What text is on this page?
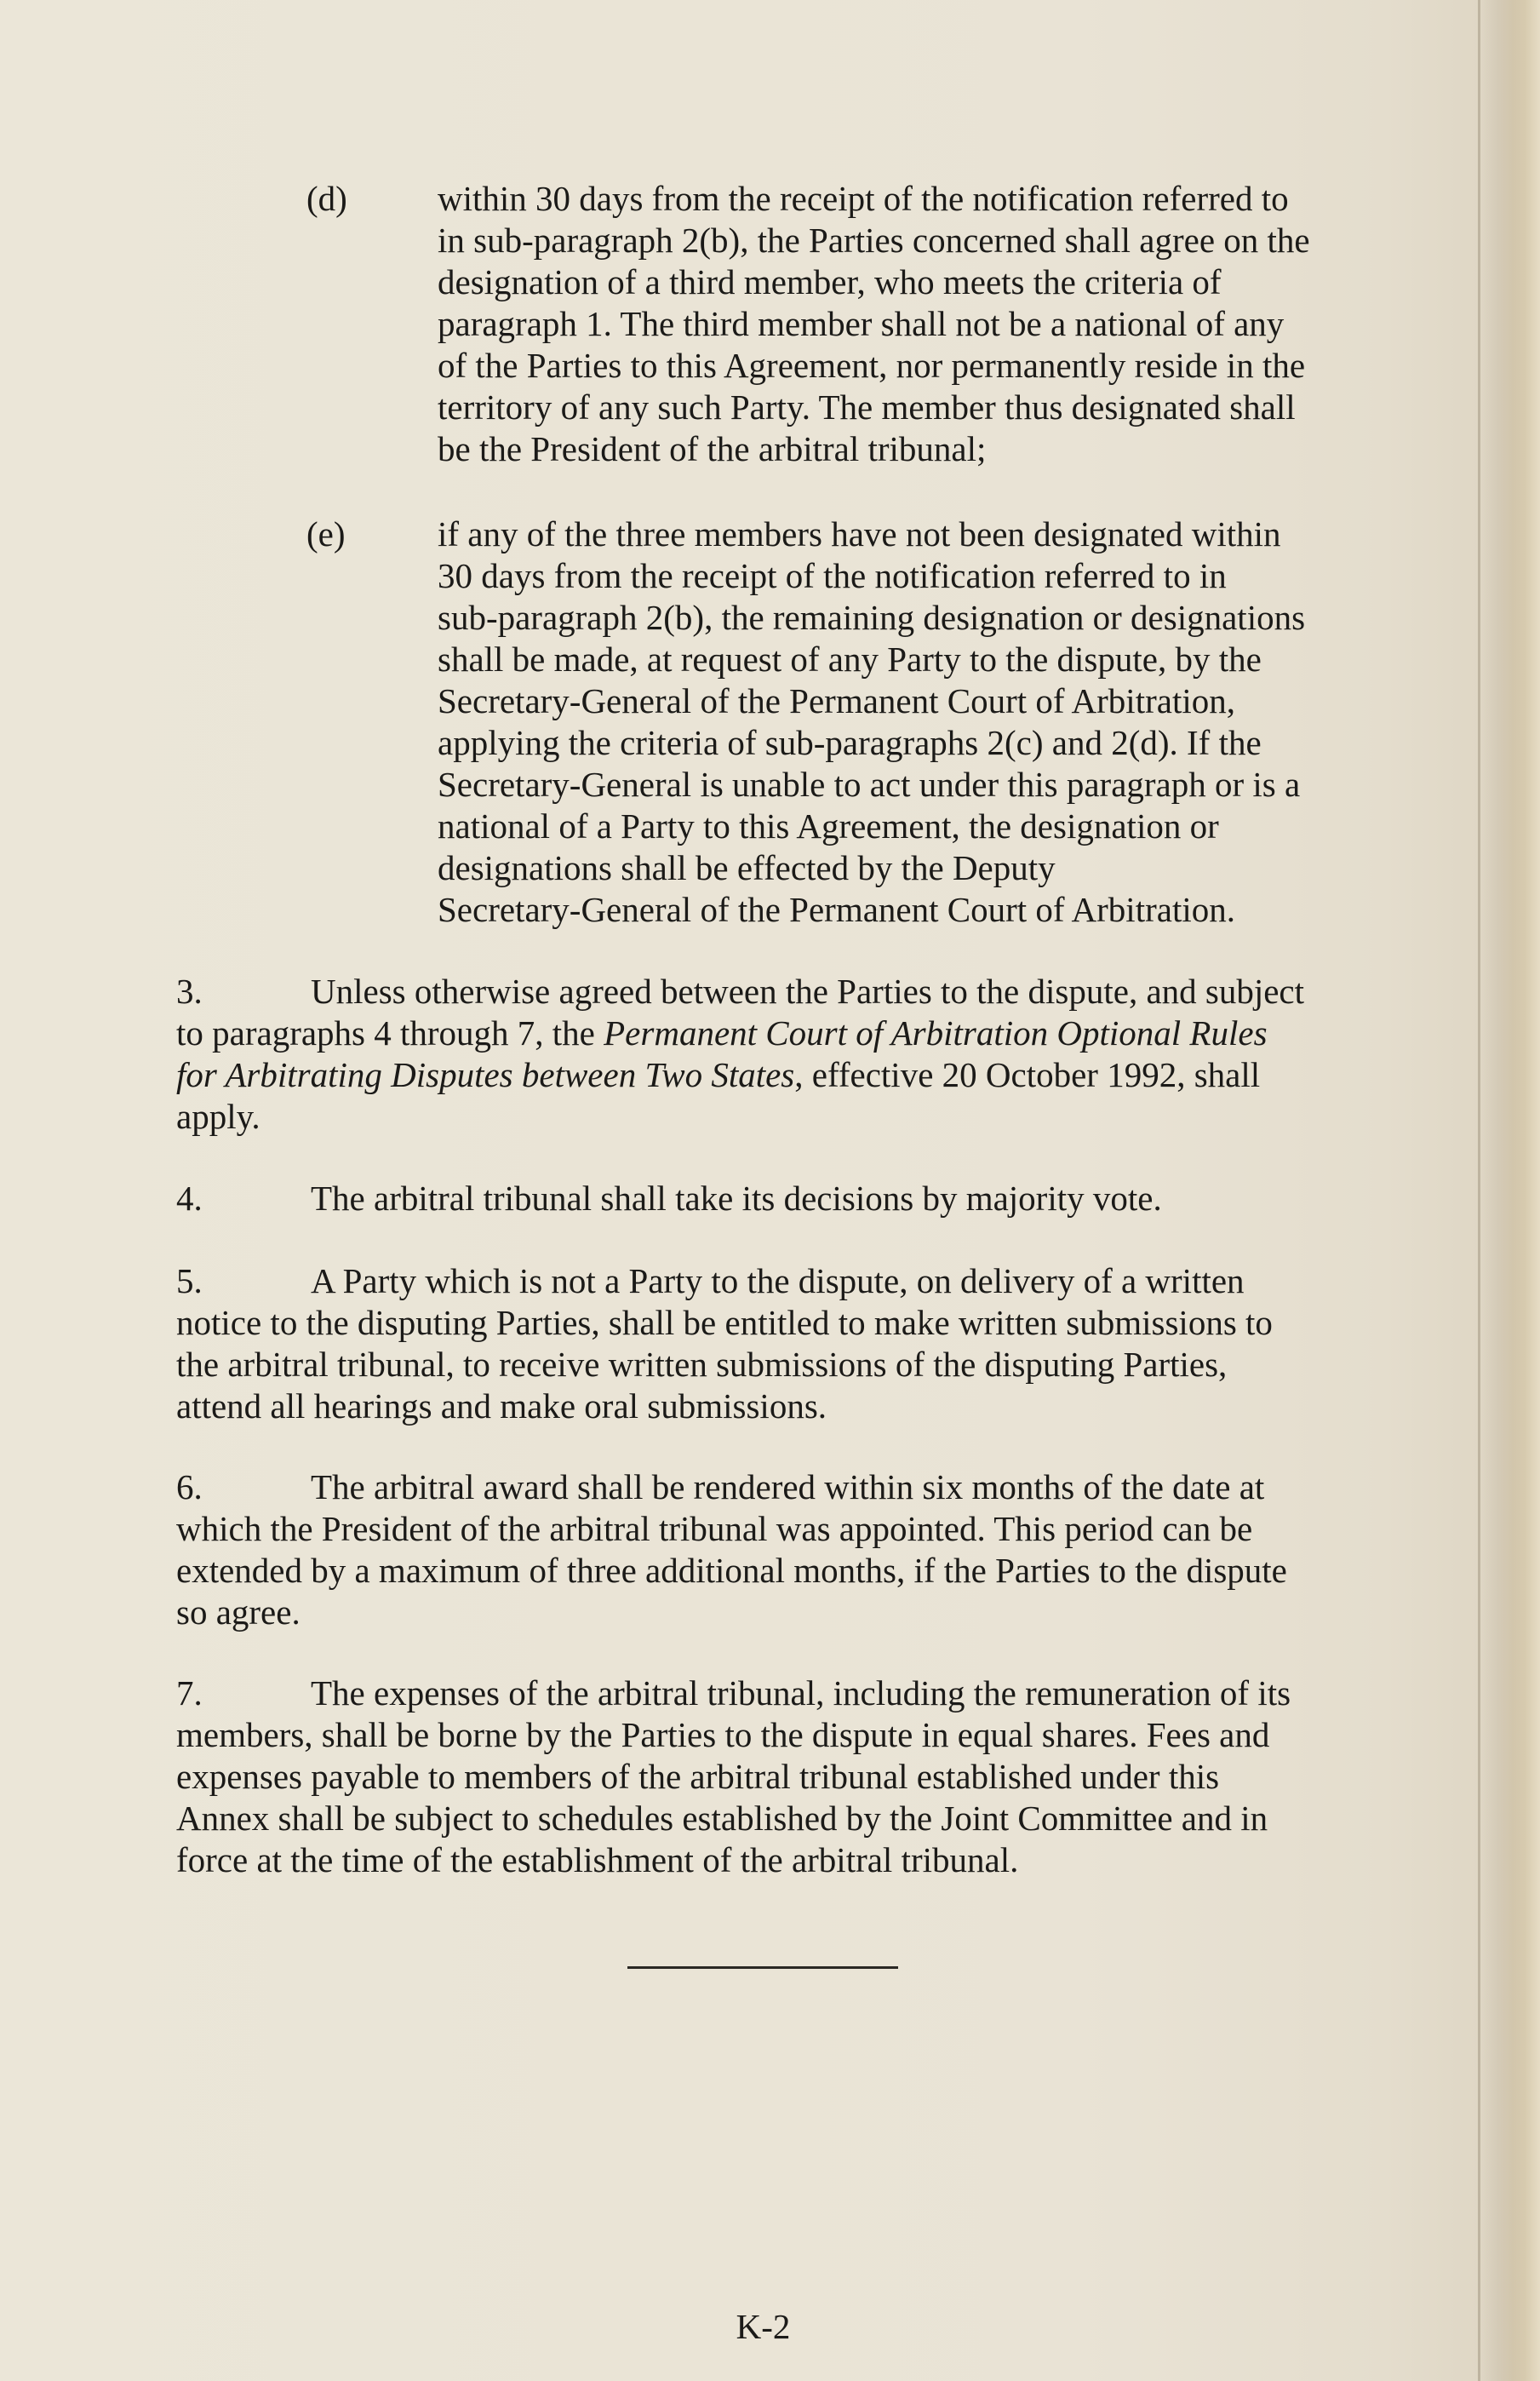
(d)	within 30 days from the receipt of the notification referred to
in sub-paragraph 2(b), the Parties concerned shall agree on the
designation of a third member, who meets the criteria of
paragraph 1. The third member shall not be a national of any
of the Parties to this Agreement, nor permanently reside in the
territory of any such Party. The member thus designated shall
be the President of the arbitral tribunal;
(e)	if any of the three members have not been designated within
30 days from the receipt of the notification referred to in
sub-paragraph 2(b), the remaining designation or designations
shall be made, at request of any Party to the dispute, by the
Secretary-General of the Permanent Court of Arbitration,
applying the criteria of sub-paragraphs 2(c) and 2(d). If the
Secretary-General is unable to act under this paragraph or is a
national of a Party to this Agreement, the designation or
designations shall be effected by the Deputy
Secretary-General of the Permanent Court of Arbitration.
3.	Unless otherwise agreed between the Parties to the dispute, and subject
to paragraphs 4 through 7, the Permanent Court of Arbitration Optional Rules
for Arbitrating Disputes between Two States, effective 20 October 1992, shall
apply.
4.	The arbitral tribunal shall take its decisions by majority vote.
5.	A Party which is not a Party to the dispute, on delivery of a written
notice to the disputing Parties, shall be entitled to make written submissions to
the arbitral tribunal, to receive written submissions of the disputing Parties,
attend all hearings and make oral submissions.
6.	The arbitral award shall be rendered within six months of the date at
which the President of the arbitral tribunal was appointed. This period can be
extended by a maximum of three additional months, if the Parties to the dispute
so agree.
7.	The expenses of the arbitral tribunal, including the remuneration of its
members, shall be borne by the Parties to the dispute in equal shares. Fees and
expenses payable to members of the arbitral tribunal established under this
Annex shall be subject to schedules established by the Joint Committee and in
force at the time of the establishment of the arbitral tribunal.
K-2
